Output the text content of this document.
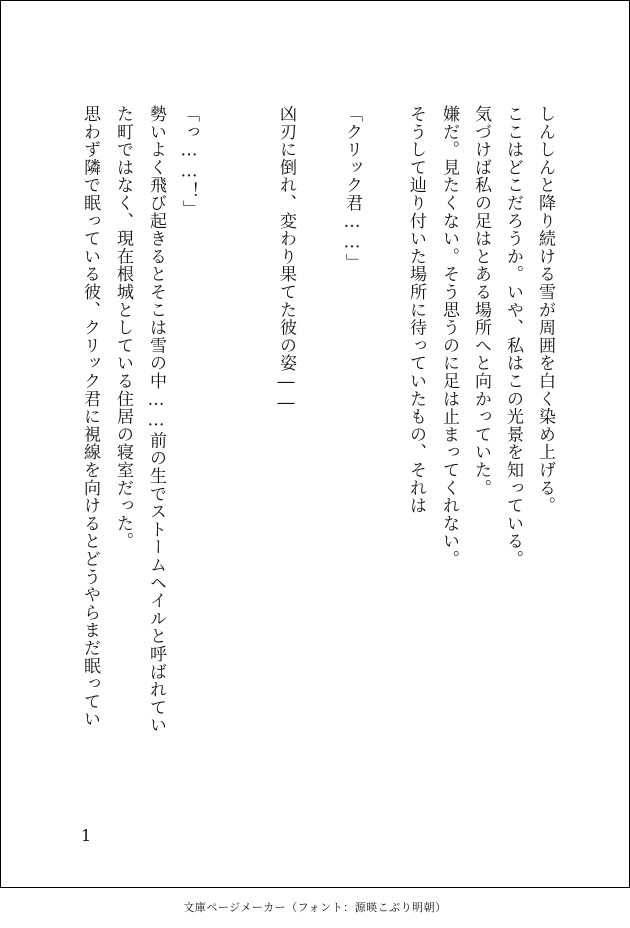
しんしんと降り続ける雪が周囲を白く染め上げる。
ここはどこだろうか。いや、私はこの光景を知っている。
気づけば私の足はとある場所へと向かっていた。
嫌だ。見たくない。そう思うのに足は止まってくれない。
そうして辿り付いた場所に待っていたもの、それは
「クリック君……」
凶刃に倒れ、変わり果てた彼の姿――
「っ……！」
勢いよく飛び起きるとそこは雪の中……前の生でストームヘイルと呼ばれてい
た町ではなく、現在根城としている住居の寝室だった。
思わず隣で眠っている彼、クリック君に視線を向けるとどうやらまだ眠ってい
1
文庫ページメーカー（フォント：源暎こぶり明朝）
